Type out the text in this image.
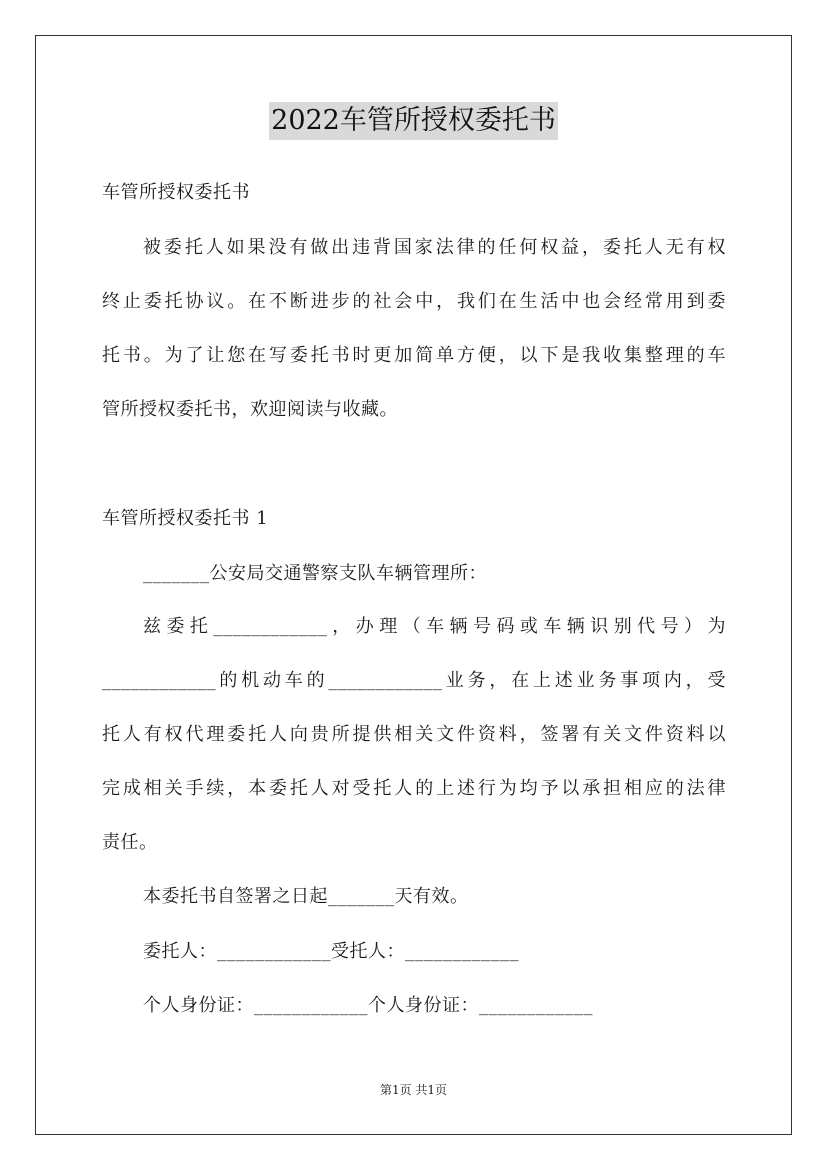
2022车管所授权委托书
车管所授权委托书
被委托人如果没有做出违背国家法律的任何权益，委托人无有权
终止委托协议。在不断进步的社会中，我们在生活中也会经常用到委
托书。为了让您在写委托书时更加简单方便，以下是我收集整理的车
管所授权委托书，欢迎阅读与收藏。
车管所授权委托书 1
_______公安局交通警察支队车辆管理所：
兹委托____________，办理（车辆号码或车辆识别代号）为
____________的机动车的____________业务，在上述业务事项内，受
托人有权代理委托人向贵所提供相关文件资料，签署有关文件资料以
完成相关手续，本委托人对受托人的上述行为均予以承担相应的法律
责任。
本委托书自签署之日起_______天有效。
委托人：____________受托人：____________
个人身份证：____________个人身份证：____________
第1页 共1页
